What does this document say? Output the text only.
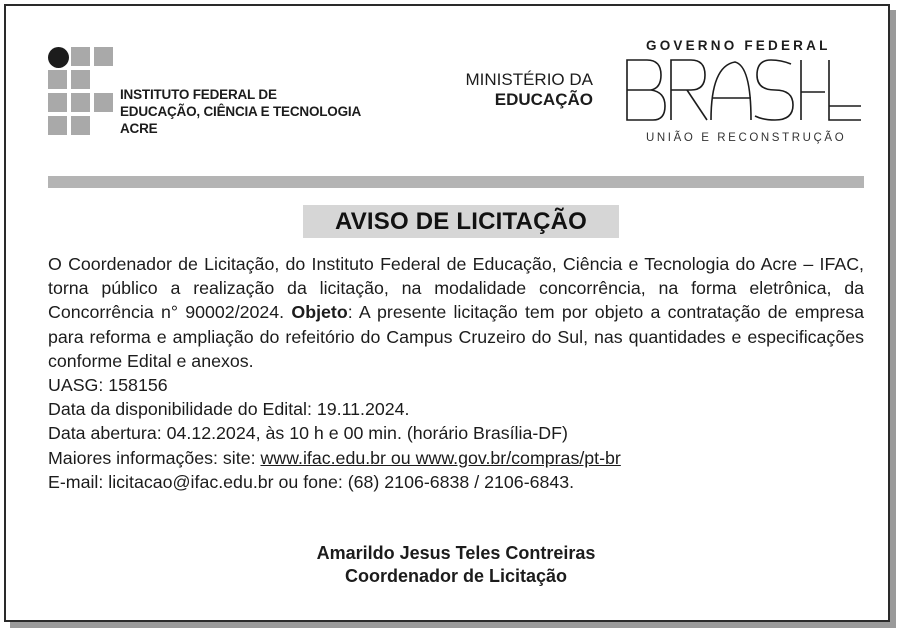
INSTITUTO FEDERAL DE
EDUCAÇÃO, CIÊNCIA E TECNOLOGIA
ACRE
MINISTÉRIO DA
EDUCAÇÃO
GOVERNO FEDERAL
UNIÃO E RECONSTRUÇÃO
AVISO DE LICITAÇÃO

O Coordenador de Licitação, do Instituto Federal de Educação, Ciência e Tecnologia do Acre – IFAC, torna público a realização da licitação, na modalidade concorrência, na forma eletrônica, da Concorrência n° 90002/2024. Objeto: A presente licitação tem por objeto a contratação de empresa para reforma e ampliação do refeitório do Campus Cruzeiro do Sul, nas quantidades e especificações conforme Edital e anexos.

UASG: 158156

Data da disponibilidade do Edital: 19.11.2024.

Data abertura: 04.12.2024, às 10 h e 00 min. (horário Brasília-DF)

Maiores informações: site: www.ifac.edu.br ou www.gov.br/compras/pt-br

E-mail: licitacao@ifac.edu.br ou fone: (68) 2106-6838 / 2106-6843.

Amarildo Jesus Teles Contreiras
Coordenador de Licitação
